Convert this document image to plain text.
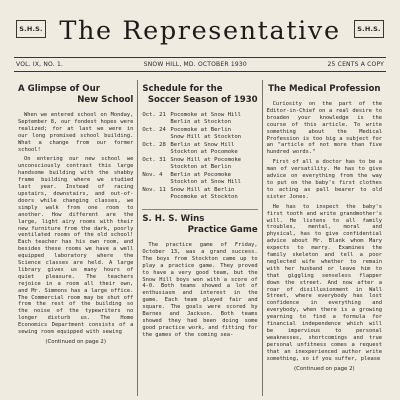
S.H.S. The Representative	S.H.S.
VOL. IX, NO. 1.	SNOW HILL, MD. OCTOBER 1930	25 CENTS A COPY
A Glimpse of Our
New School

When we entered school on Monday, September 8, our fondest hopes were realized; for at last we were in our long promised school building. What a change from our former school!

On entering our new school we unconsciously contrast this large handsome building with the shabby frame building where we studied last year. Instead of racing upstairs, downstairs, and out-of-doors while changing classes, we simply walk from one room to another. How different are the large, light airy rooms with their new furniture from the dark, poorly ventilated rooms of the old school! Each teacher has his own room, and besides these rooms we have a well equipped laboratory where the Science classes are held. A large library gives us many hours of quiet pleasure. The teachers rejoice in a room all their own, and Mr. Simmons has a large office. The Commercial room may be shut off from the rest of the building so the noise of the typewriters no longer disturb us. The Home Economics Department consists of a sewing room equipped with sewing

(Continued on page 2)
Schedule for the
Soccer Season of 1930
Oct. 21 Pocomoke at Snow Hill
Berlin at Stockton
Oct. 24 Pocomoke at Berlin
Snow Hill at Stockton
Oct. 28 Berlin at Snow Hill
Stockton at Pocomoke
Oct. 31 Snow Hill at Pocomoke
Stockton at Berlin
Nov. 4	Berlin at Pocomoke
Stockton at Snow Hill
Nov. 11 Snow Hill at Berlin
Pocomoke at Stockton
S. H. S. Wins
Practice Game

The practice game of Friday, October 13, was a grand success. The boys from Stockton came up to play a practice game. They proved to have a very good team, but the Snow Hill boys won with a score of 4-0. Both teams showed a lot of enthusiasm and interest in the game. Each team played fair and square. The goals were scored by Barnes and Jackson. Both teams showed they had been doing some good practice work, and fitting for the games of the coming sea-

The Medical Profession

Curiosity on the part of the Editor-in-Chief on a real desire to broaden your knowledge is the course of this article. To write something about the Medical Profession is too big a subject for an "article of not more than five hundred words."

First of all a doctor has to be a man of versatility. He has to give advice on everything from the way to put on the baby's first clothes to acting as pall bearer to old sister Jones.

He has to inspect the baby's first tooth and write grandmother's will. He listens to all family troubles, mental, moral and physical, has to give confidential advice about Mr. Blank whom Mary expects to marry. Examines the family skeleton and tell a poor neglected wife whether to remain with her husband or leave him to that giggling senseless flapper down the street. And now after a roar of disillusionment in Wall Street, where everybody has lost confidence in everything and everybody, when there is a growing yearning to find a formula for financial independence which will be impervious to personal weaknesses, shortcomings and true personal unfitness comes a request that an inexperienced author write something, so if you suffer, please

(Continued on page 2)
